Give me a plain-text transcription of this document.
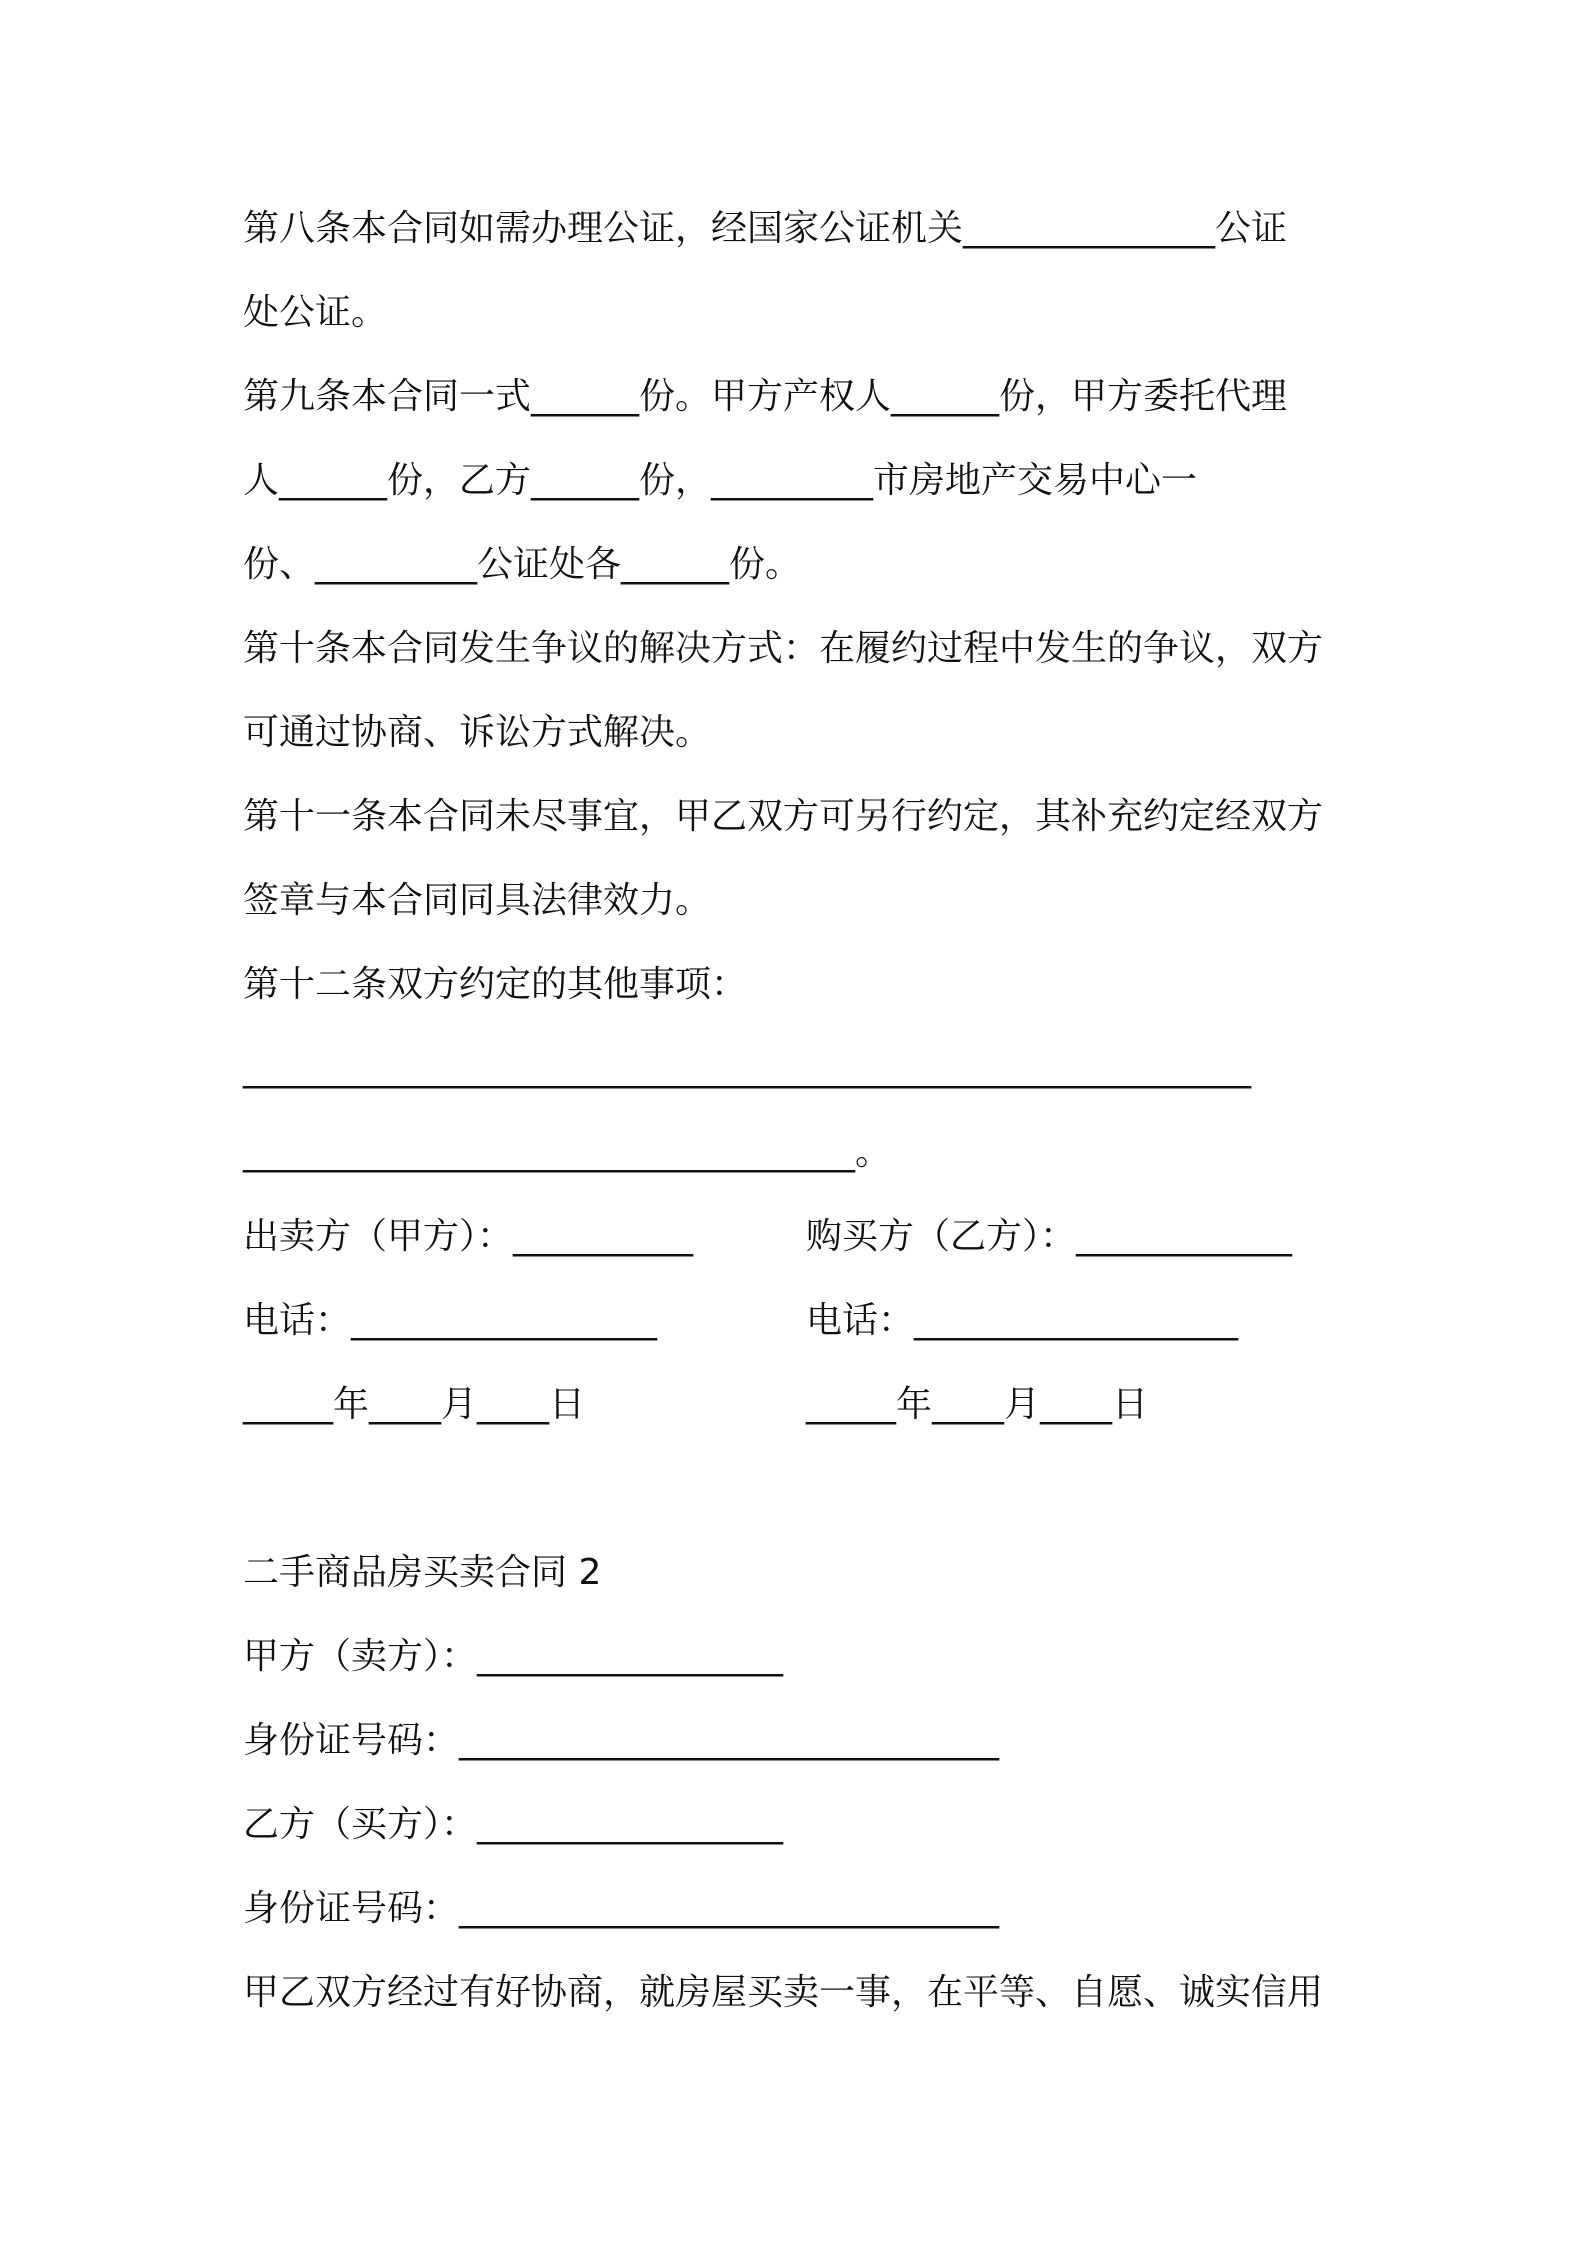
第八条本合同如需办理公证，经国家公证机关______________公证
处公证。
第九条本合同一式______份。甲方产权人______份，甲方委托代理
人______份，乙方______份，_________市房地产交易中心一
份、_________公证处各______份。
第十条本合同发生争议的解决方式：在履约过程中发生的争议，双方
可通过协商、诉讼方式解决。
第十一条本合同未尽事宜，甲乙双方可另行约定，其补充约定经双方
签章与本合同同具法律效力。
第十二条双方约定的其他事项：
________________________________________________________
__________________________________。
出卖方（甲方）：__________	购买方（乙方）：____________
电话：_________________	电话：__________________
_____年____月____日	_____年____月____日
二手商品房买卖合同 2
甲方（卖方）：_________________
身份证号码：______________________________
乙方（买方）：_________________
身份证号码：______________________________
甲乙双方经过有好协商，就房屋买卖一事，在平等、自愿、诚实信用
